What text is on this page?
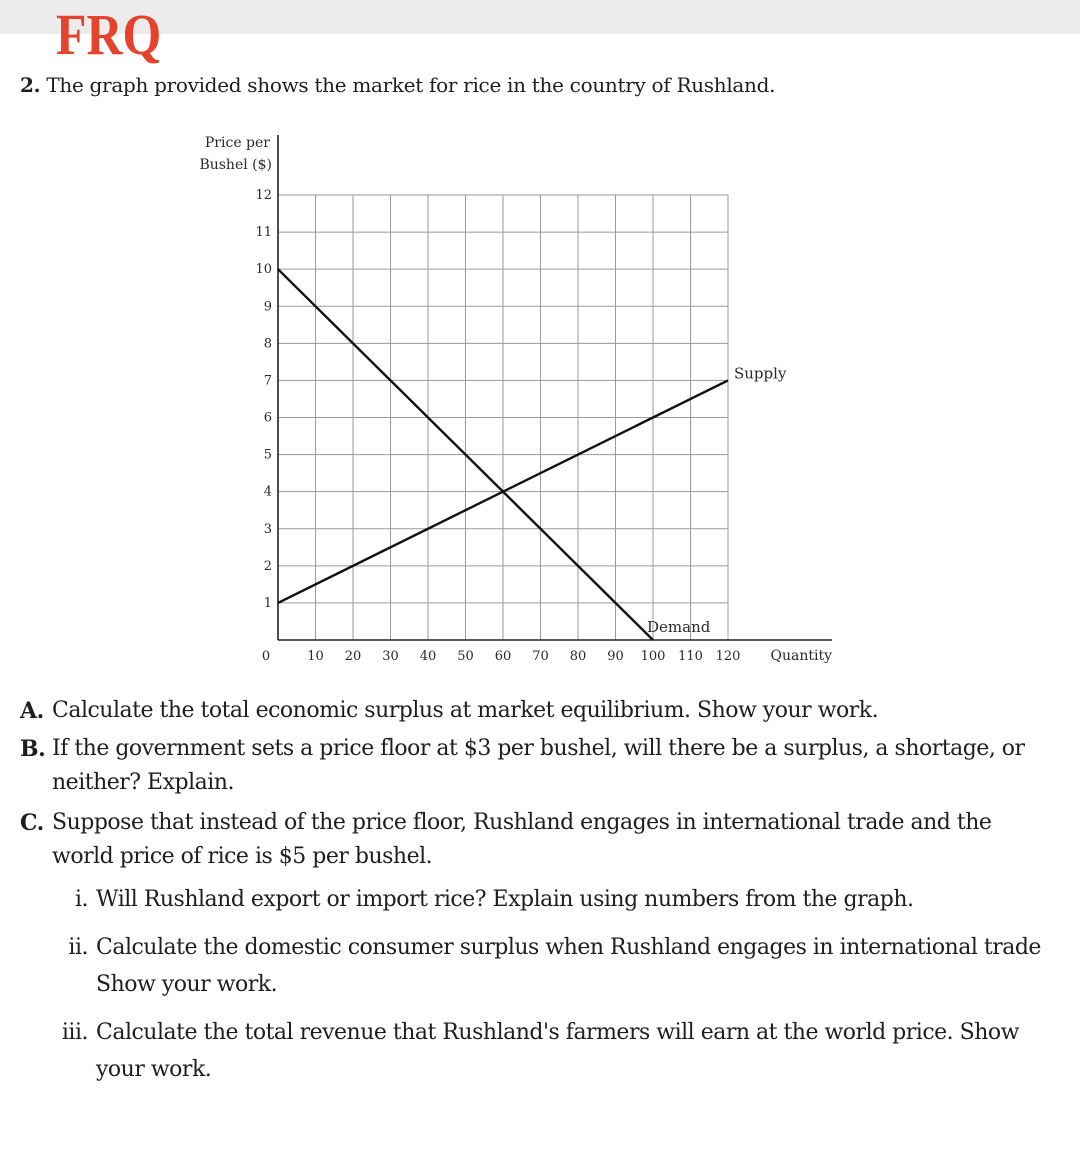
FRQ
2. The graph provided shows the market for rice in the country of Rushland.
1
2
3
4
5
6
7
8
9
10
11
12
10 20 30 40 50 60 70 80 90 100 110 120
0
Price per
Bushel ($)
Quantity
Supply
Demand
A. Calculate the total economic surplus at market equilibrium. Show your work.
B. If the government sets a price floor at $3 per bushel, will there be a surplus, a shortage, or
neither? Explain.
C. Suppose that instead of the price floor, Rushland engages in international trade and the
world price of rice is $5 per bushel.
i. Will Rushland export or import rice? Explain using numbers from the graph.
ii. Calculate the domestic consumer surplus when Rushland engages in international trade
Show your work.
iii. Calculate the total revenue that Rushland's farmers will earn at the world price. Show
your work.
